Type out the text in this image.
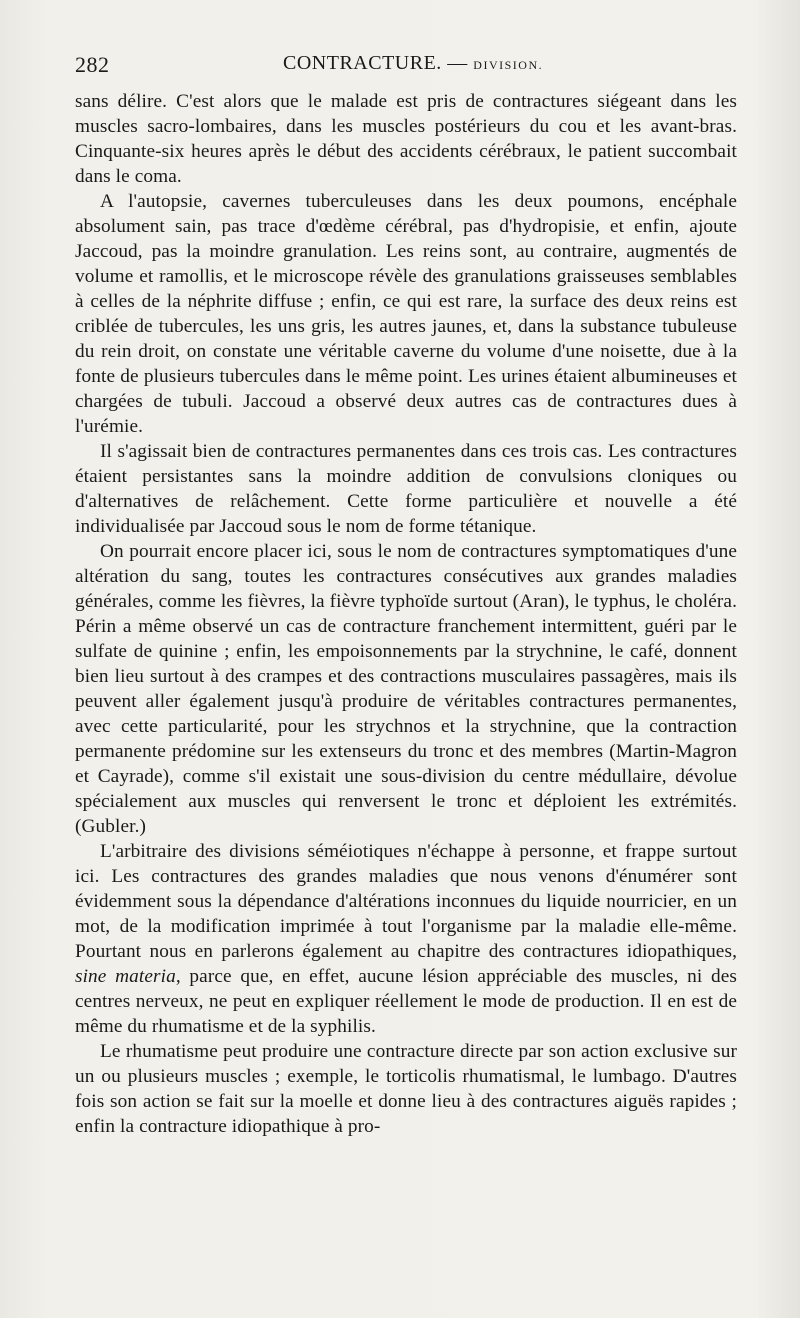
282	CONTRACTURE. — DIVISION.

sans délire. C'est alors que le malade est pris de contractures siégeant dans les muscles sacro-lombaires, dans les muscles postérieurs du cou et les avant-bras. Cinquante-six heures après le début des accidents cérébraux, le patient succombait dans le coma.

A l'autopsie, cavernes tuberculeuses dans les deux poumons, encéphale absolument sain, pas trace d'œdème cérébral, pas d'hydropisie, et enfin, ajoute Jaccoud, pas la moindre granulation. Les reins sont, au contraire, augmentés de volume et ramollis, et le microscope révèle des granulations graisseuses semblables à celles de la néphrite diffuse ; enfin, ce qui est rare, la surface des deux reins est criblée de tubercules, les uns gris, les autres jaunes, et, dans la substance tubuleuse du rein droit, on constate une véritable caverne du volume d'une noisette, due à la fonte de plusieurs tubercules dans le même point. Les urines étaient albumineuses et chargées de tubuli. Jaccoud a observé deux autres cas de contractures dues à l'urémie.

Il s'agissait bien de contractures permanentes dans ces trois cas. Les contractures étaient persistantes sans la moindre addition de convulsions cloniques ou d'alternatives de relâchement. Cette forme particulière et nouvelle a été individualisée par Jaccoud sous le nom de forme tétanique.

On pourrait encore placer ici, sous le nom de contractures symptomatiques d'une altération du sang, toutes les contractures consécutives aux grandes maladies générales, comme les fièvres, la fièvre typhoïde surtout (Aran), le typhus, le choléra. Périn a même observé un cas de contracture franchement intermittent, guéri par le sulfate de quinine ; enfin, les empoisonnements par la strychnine, le café, donnent bien lieu surtout à des crampes et des contractions musculaires passagères, mais ils peuvent aller également jusqu'à produire de véritables contractures permanentes, avec cette particularité, pour les strychnos et la strychnine, que la contraction permanente prédomine sur les extenseurs du tronc et des membres (Martin-Magron et Cayrade), comme s'il existait une sous-division du centre médullaire, dévolue spécialement aux muscles qui renversent le tronc et déploient les extrémités. (Gubler.)

L'arbitraire des divisions séméiotiques n'échappe à personne, et frappe surtout ici. Les contractures des grandes maladies que nous venons d'énumérer sont évidemment sous la dépendance d'altérations inconnues du liquide nourricier, en un mot, de la modification imprimée à tout l'organisme par la maladie elle-même. Pourtant nous en parlerons également au chapitre des contractures idiopathiques, sine materia, parce que, en effet, aucune lésion appréciable des muscles, ni des centres nerveux, ne peut en expliquer réellement le mode de production. Il en est de même du rhumatisme et de la syphilis.

Le rhumatisme peut produire une contracture directe par son action exclusive sur un ou plusieurs muscles ; exemple, le torticolis rhumatismal, le lumbago. D'autres fois son action se fait sur la moelle et donne lieu à des contractures aiguës rapides ; enfin la contracture idiopathique à pro-
